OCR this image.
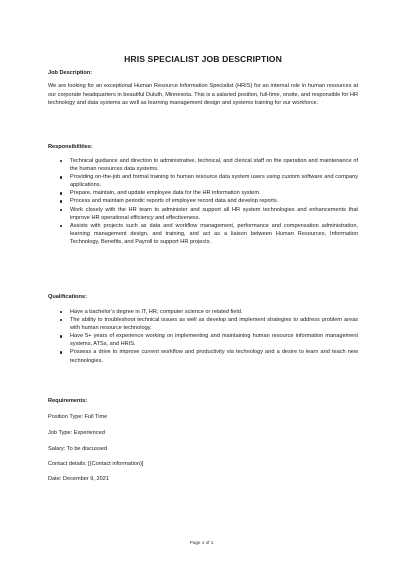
HRIS SPECIALIST JOB DESCRIPTION
Job Description:
We are looking for an exceptional Human Resource Information Specialist (HRIS) for an internal role in human resources at our corporate headquarters in beautiful Duluth, Minnesota. This is a salaried position, full-time, onsite, and responsible for HR technology and data systems as well as learning management design and systems training for our workforce.
Responsibilities:
Technical guidance and direction to administrative, technical, and clerical staff on the operation and maintenance of the human resources data systems.
Providing on-the-job and formal training to human resource data system users using custom software and company applications.
Prepare, maintain, and update employee data for the HR information system.
Process and maintain periodic reports of employee record data and develop reports.
Work closely with the HR team to administer and support all HR system technologies and enhancements that improve HR operational efficiency and effectiveness.
Assists with projects such as data and workflow management, performance and compensation administration, learning management design, and training, and act as a liaison between Human Resources, Information Technology, Benefits, and Payroll to support HR projects.
Qualifications:
Have a bachelor’s degree in IT, HR, computer science or related field.
The ability to troubleshoot technical issues as well as develop and implement strategies to address problem areas with human resource technology.
Have 5+ years of experience working on implementing and maintaining human resource information management systems, ATSs, and HRIS.
Possess a drive to improve current workflow and productivity via technology and a desire to learn and teach new technologies.
Requirements:
Position Type: Full Time
Job Type: Experienced
Salary: To be discussed
Contact details: [(Contact information)]
Date: December 9, 2021
Page 1 of 1
